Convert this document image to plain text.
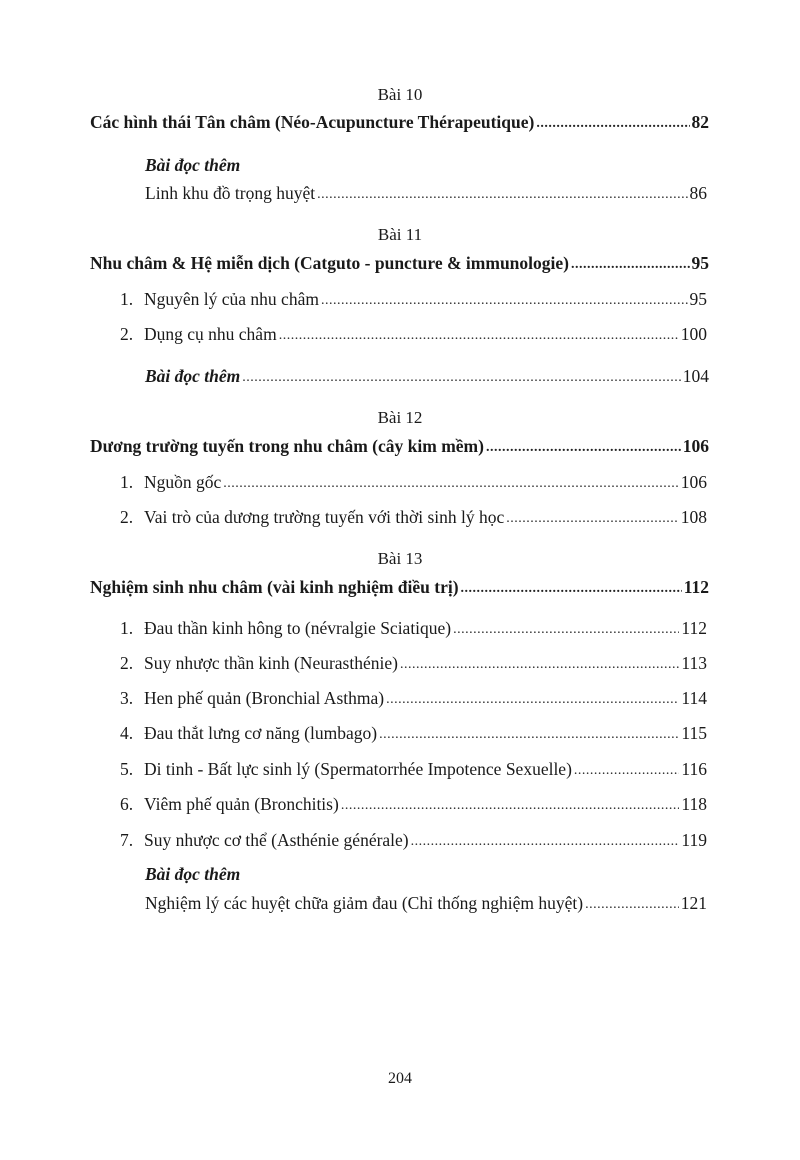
Bài 10
Các hình thái Tân châm (Néo-Acupuncture Thérapeutique) .....	82
Bài đọc thêm
Linh khu đồ trọng huyệt .....	86
Bài 11
Nhu châm & Hệ miễn dịch (Catguto - puncture & immunologie) .....	95
1. Nguyên lý của nhu châm .....	95
2. Dụng cụ nhu châm .....	100
Bài đọc thêm .....	104
Bài 12
Dương trường tuyến trong nhu châm (cây kim mềm) .....	106
1. Nguồn gốc .....	106
2. Vai trò của dương trường tuyến với thời sinh lý học .....	108
Bài 13
Nghiệm sinh nhu châm (vài kinh nghiệm điều trị) .....	112
1. Đau thần kinh hông to (névralgie Sciatique) .....	112
2. Suy nhược thần kinh (Neurasthénie) .....	113
3. Hen phế quản (Bronchial Asthma) .....	114
4. Đau thắt lưng cơ năng (lumbago) .....	115
5. Di tinh - Bất lực sinh lý (Spermatorrhée Impotence Sexuelle) .....	116
6. Viêm phế quản (Bronchitis) .....	118
7. Suy nhược cơ thể (Asthénie générale) .....	119
Bài đọc thêm
Nghiệm lý các huyệt chữa giảm đau (Chỉ thống nghiệm huyệt) .....	121
204
